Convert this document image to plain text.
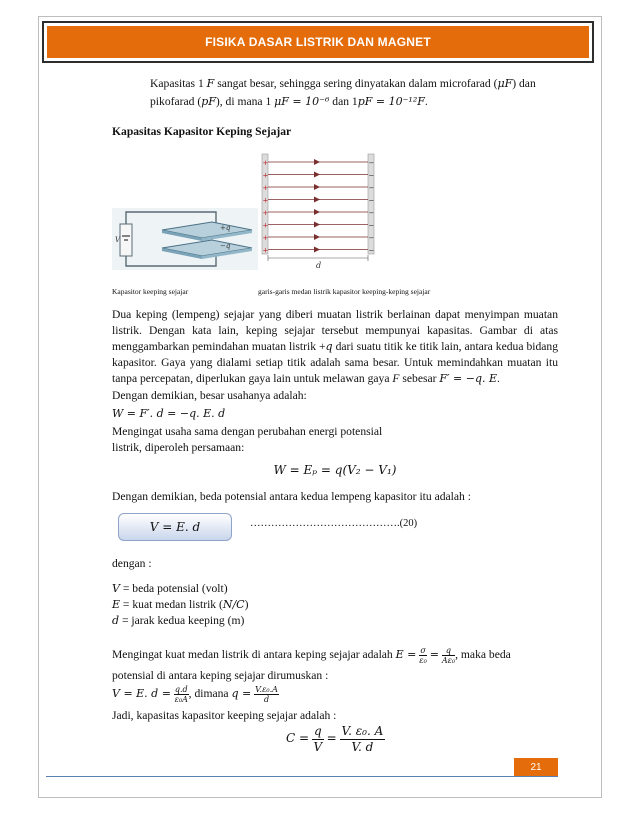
FISIKA DASAR LISTRIK DAN MAGNET
Kapasitas 1 F sangat besar, sehingga sering dinyatakan dalam microfarad (μF) dan
pikofarad (pF), di mana 1 μF = 10⁻⁶ dan 1pF = 10⁻¹²F.
Kapasitas Kapasitor Keping Sejajar
V
+q
−q
+	−
+	−
+	−
+	−
+	−
+	−
+	−
+	−
d
Kapasitor keeping sejajar	garis-garis medan listrik kapasitor keeping-keping sejajar
Dua keping (lempeng) sejajar yang diberi muatan listrik berlainan dapat menyimpan muatan listrik. Dengan kata lain, keping sejajar tersebut mempunyai kapasitas. Gambar di atas menggambarkan pemindahan muatan listrik +q dari suatu titik ke titik lain, antara kedua bidang kapasitor. Gaya yang dialami setiap titik adalah sama besar. Untuk memindahkan muatan itu tanpa percepatan, diperlukan gaya lain untuk melawan gaya F sebesar F′ = −q. E.
Dengan demikian, besar usahanya adalah:
W = F′. d = −q. E. d
Mengingat usaha sama dengan perubahan energi potensial
listrik, diperoleh persamaan:
W = Eₚ = q(V₂ − V₁)
Dengan demikian, beda potensial antara kedua lempeng kapasitor itu adalah :
V = E. d	…………………………………….(20)
dengan :
V = beda potensial (volt)
E = kuat medan listrik (N/C)
d = jarak kedua keeping (m)
Mengingat kuat medan listrik di antara keping sejajar adalah $E = \frac{\sigma}{\text{ε₀}} = \frac{q}{\text{Aε₀}}$ , maka beda
potensial di antara keping sejajar dirumuskan :
V = E. $d = \frac{q.d}{\text{ε₀A}}$ , dimana $q = \frac{\text{V.ε₀.A}}{d}$
Jadi, kapasitas kapasitor keeping sejajar adalah :
$C = \frac{q}{V} = \frac{\text{V. ε₀. A}}{V. d}$
21
